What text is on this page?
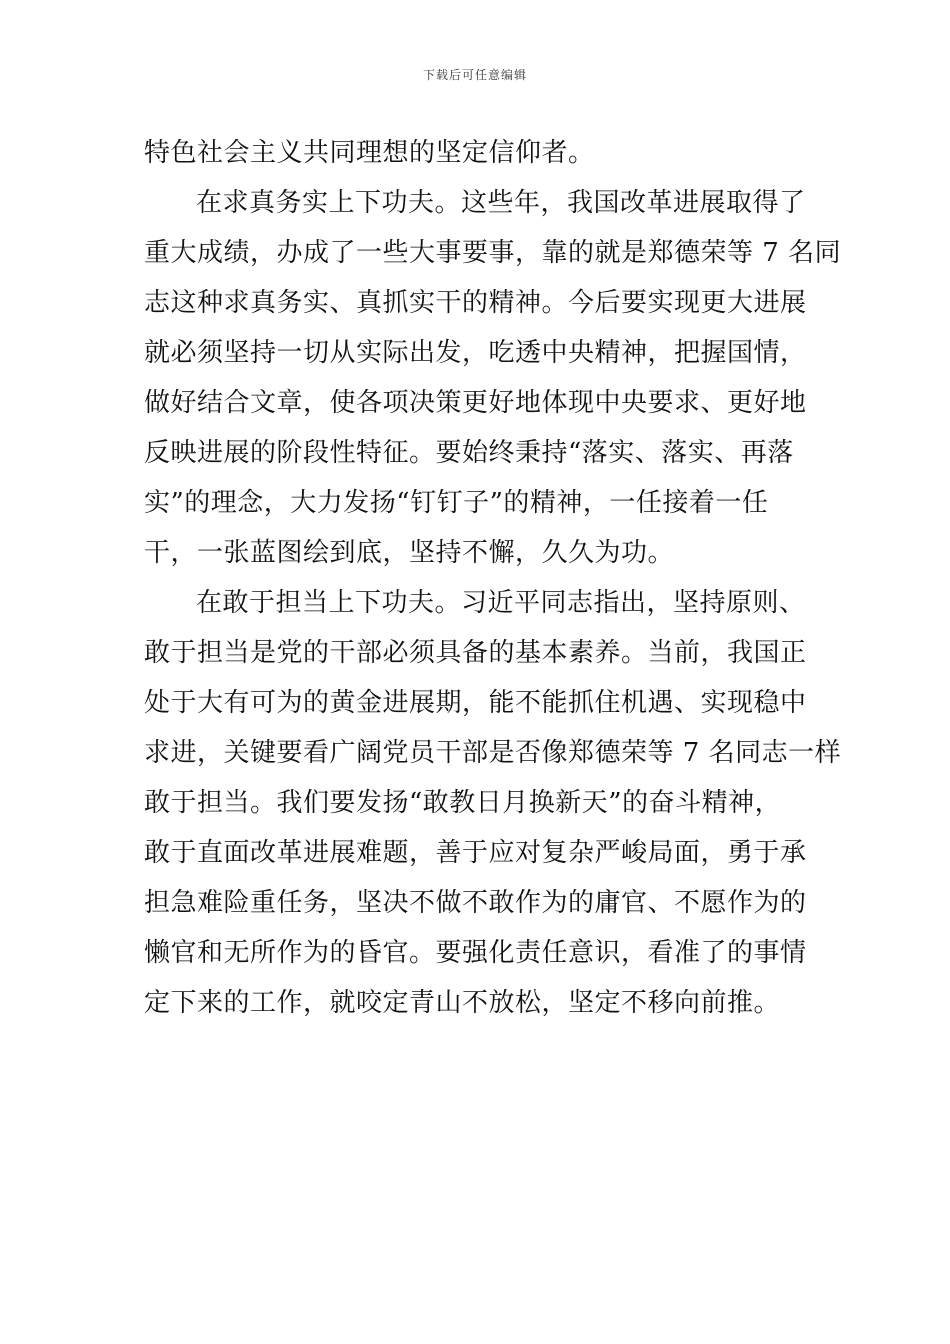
下载后可任意编辑
特色社会主义共同理想的坚定信仰者。
在求真务实上下功夫。这些年，我国改革进展取得了
重大成绩，办成了一些大事要事，靠的就是郑德荣等 7 名同
志这种求真务实、真抓实干的精神。今后要实现更大进展
就必须坚持一切从实际出发，吃透中央精神，把握国情，
做好结合文章，使各项决策更好地体现中央要求、更好地
反映进展的阶段性特征。要始终秉持“落实、落实、再落
实”的理念，大力发扬“钉钉子”的精神，一任接着一任
干，一张蓝图绘到底，坚持不懈，久久为功。
在敢于担当上下功夫。习近平同志指出，坚持原则、
敢于担当是党的干部必须具备的基本素养。当前，我国正
处于大有可为的黄金进展期，能不能抓住机遇、实现稳中
求进，关键要看广阔党员干部是否像郑德荣等 7 名同志一样
敢于担当。我们要发扬“敢教日月换新天”的奋斗精神，
敢于直面改革进展难题，善于应对复杂严峻局面，勇于承
担急难险重任务，坚决不做不敢作为的庸官、不愿作为的
懒官和无所作为的昏官。要强化责任意识，看准了的事情
定下来的工作，就咬定青山不放松，坚定不移向前推。
